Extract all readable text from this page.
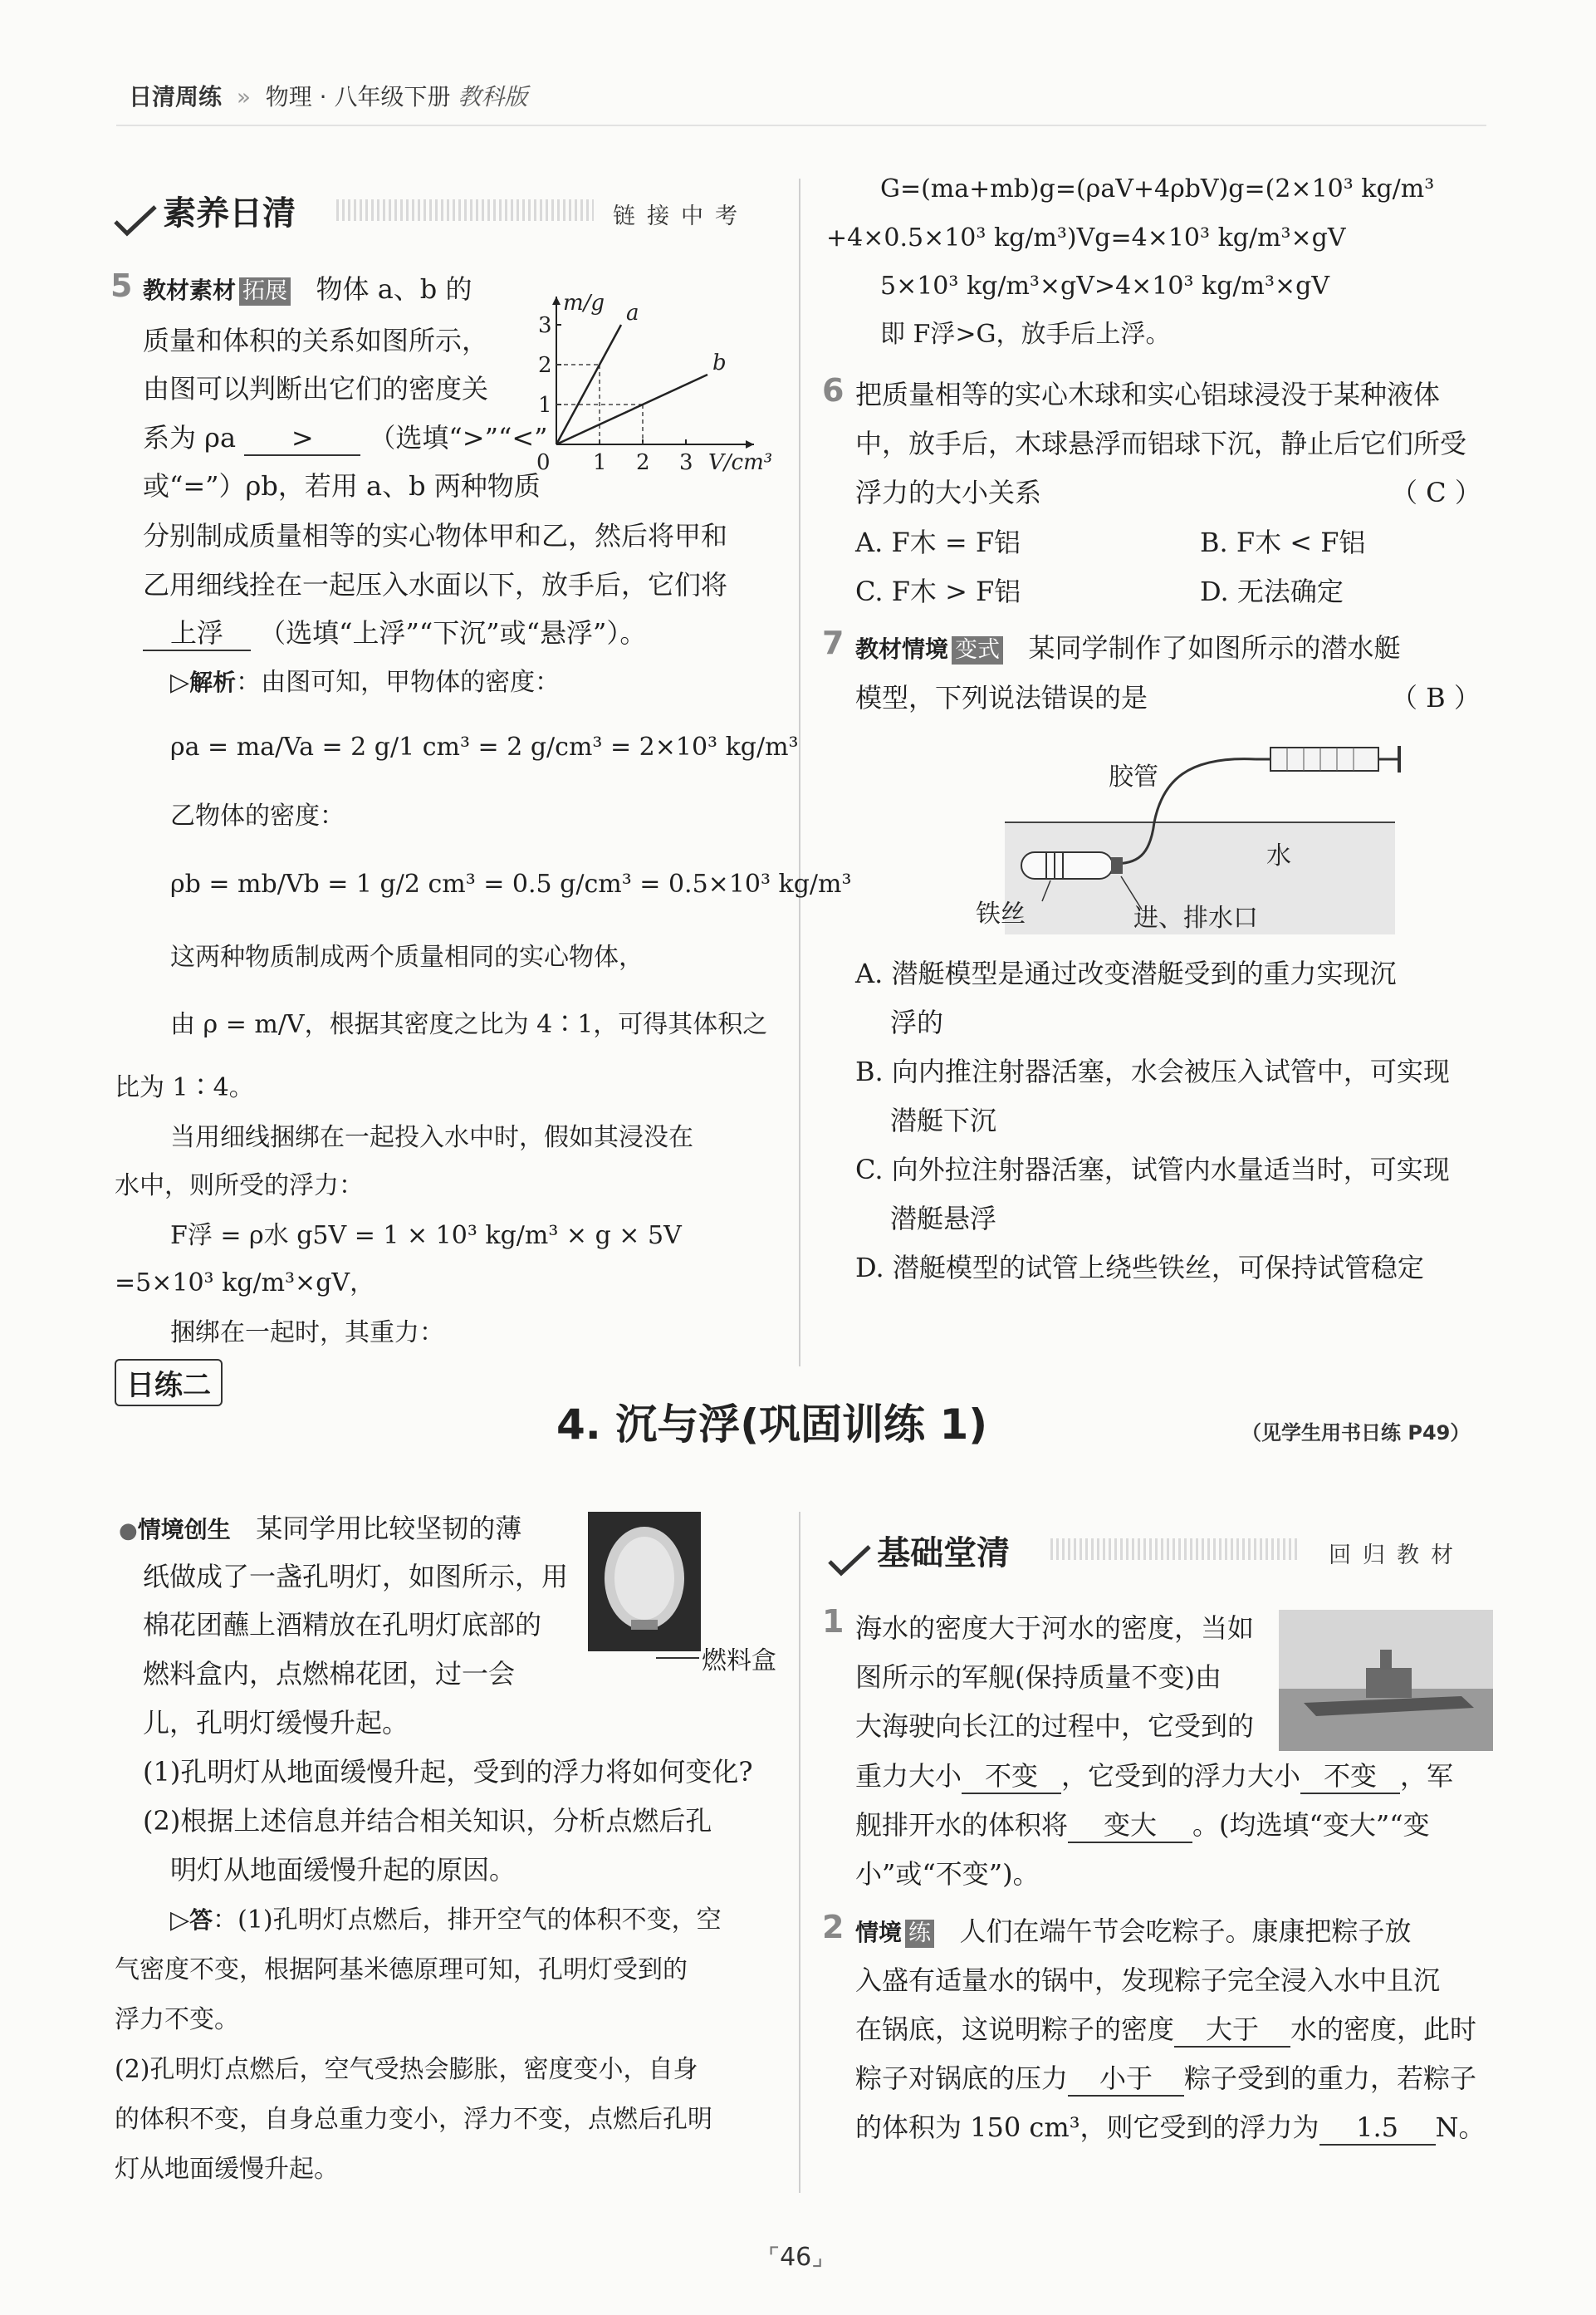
日清周练  »  物理 · 八年级下册 教科版
素养日清	链接中考
5 教材素材 拓展 物体 a、b 的
质量和体积的关系如图所示，
由图可以判断出它们的密度关
系为 ρa > （选填“>”“<”
或“=”）ρb，若用 a、b 两种物质
分别制成质量相等的实心物体甲和乙，然后将甲和
乙用细线拴在一起压入水面以下，放手后，它们将
上浮 （选填“上浮”“下沉”或“悬浮”）。
1 2 3
1
2
3
0
m/g
V/cm³
a
b
▷解析：由图可知，甲物体的密度：
ρa = ma/Va = 2 g/1 cm³ = 2 g/cm³ = 2×10³ kg/m³
乙物体的密度：
ρb = mb/Vb = 1 g/2 cm³ = 0.5 g/cm³ = 0.5×10³ kg/m³
这两种物质制成两个质量相同的实心物体，
由 ρ = m/V，根据其密度之比为 4∶1，可得其体积之
比为 1∶4。
当用细线捆绑在一起投入水中时，假如其浸没在
水中，则所受的浮力：
F浮 = ρ水 g5V = 1 × 10³ kg/m³ × g × 5V
=5×10³ kg/m³×gV，
捆绑在一起时，其重力：
G=(ma+mb)g=(ρaV+4ρbV)g=(2×10³ kg/m³
+4×0.5×10³ kg/m³)Vg=4×10³ kg/m³×gV
5×10³ kg/m³×gV>4×10³ kg/m³×gV
即 F浮>G，放手后上浮。
6 把质量相等的实心木球和实心铝球浸没于某种液体
中，放手后，木球悬浮而铝球下沉，静止后它们所受
浮力的大小关系	（ C ）
A. F木 = F铝	B. F木 < F铝
C. F木 > F铝	D. 无法确定
7 教材情境 变式 某同学制作了如图所示的潜水艇
模型，下列说法错误的是	（ B ）
胶管
水
铁丝	进、排水口
A. 潜艇模型是通过改变潜艇受到的重力实现沉
浮的
B. 向内推注射器活塞，水会被压入试管中，可实现
潜艇下沉
C. 向外拉注射器活塞，试管内水量适当时，可实现
潜艇悬浮
D. 潜艇模型的试管上绕些铁丝，可保持试管稳定
日练二
4. 沉与浮(巩固训练 1)	（见学生用书日练 P49）
●情境创生 某同学用比较坚韧的薄
纸做成了一盏孔明灯，如图所示，用
棉花团蘸上酒精放在孔明灯底部的
燃料盒内，点燃棉花团，过一会
儿，孔明灯缓慢升起。
燃料盒
(1)孔明灯从地面缓慢升起，受到的浮力将如何变化?
(2)根据上述信息并结合相关知识，分析点燃后孔
明灯从地面缓慢升起的原因。
▷答：(1)孔明灯点燃后，排开空气的体积不变，空
气密度不变，根据阿基米德原理可知，孔明灯受到的
浮力不变。
(2)孔明灯点燃后，空气受热会膨胀，密度变小，自身
的体积不变，自身总重力变小，浮力不变，点燃后孔明
灯从地面缓慢升起。
基础堂清	回归教材
1 海水的密度大于河水的密度，当如
图所示的军舰(保持质量不变)由
大海驶向长江的过程中，它受到的
重力大小 不变 ，它受到的浮力大小 不变 ，军
舰排开水的体积将 变大 。(均选填“变大”“变
小”或“不变”)。
2 情境 练 人们在端午节会吃粽子。康康把粽子放
入盛有适量水的锅中，发现粽子完全浸入水中且沉
在锅底，这说明粽子的密度 大于 水的密度，此时
粽子对锅底的压力 小于 粽子受到的重力，若粽子
的体积为 150 cm³，则它受到的浮力为 1.5 N。
⌜46⌟
